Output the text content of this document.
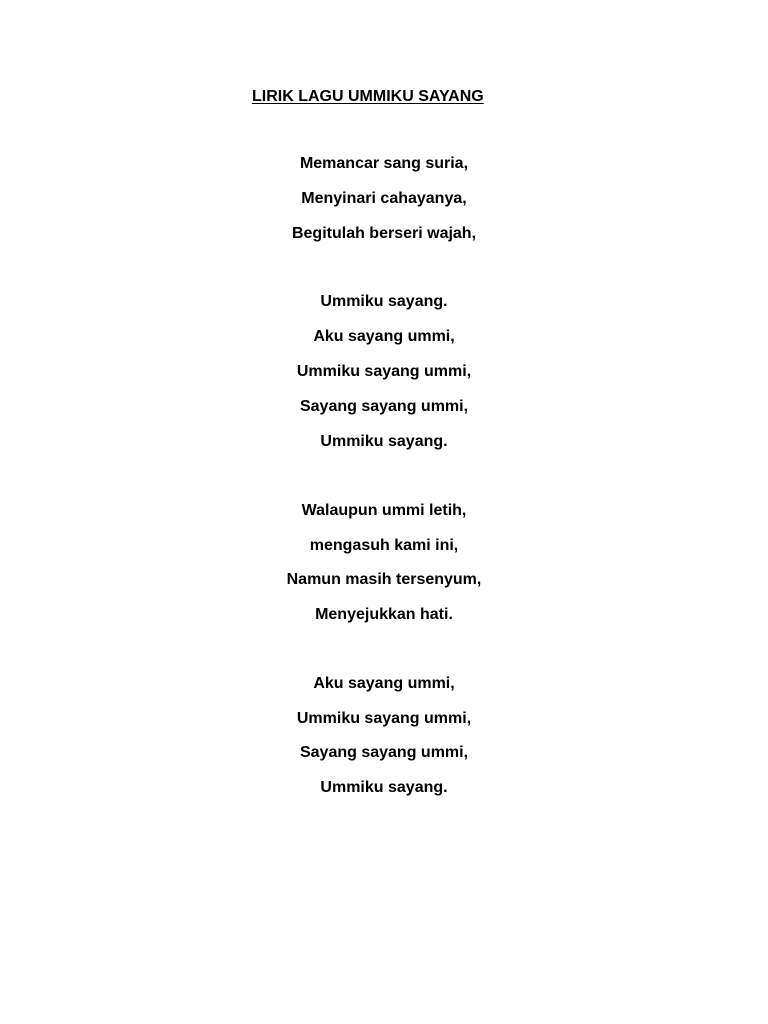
LIRIK LAGU UMMIKU SAYANG
Memancar sang suria,
Menyinari cahayanya,
Begitulah berseri wajah,
Ummiku sayang.
Aku sayang ummi,
Ummiku sayang ummi,
Sayang sayang ummi,
Ummiku sayang.
Walaupun ummi letih,
mengasuh kami ini,
Namun masih tersenyum,
Menyejukkan hati.
Aku sayang ummi,
Ummiku sayang ummi,
Sayang sayang ummi,
Ummiku sayang.
